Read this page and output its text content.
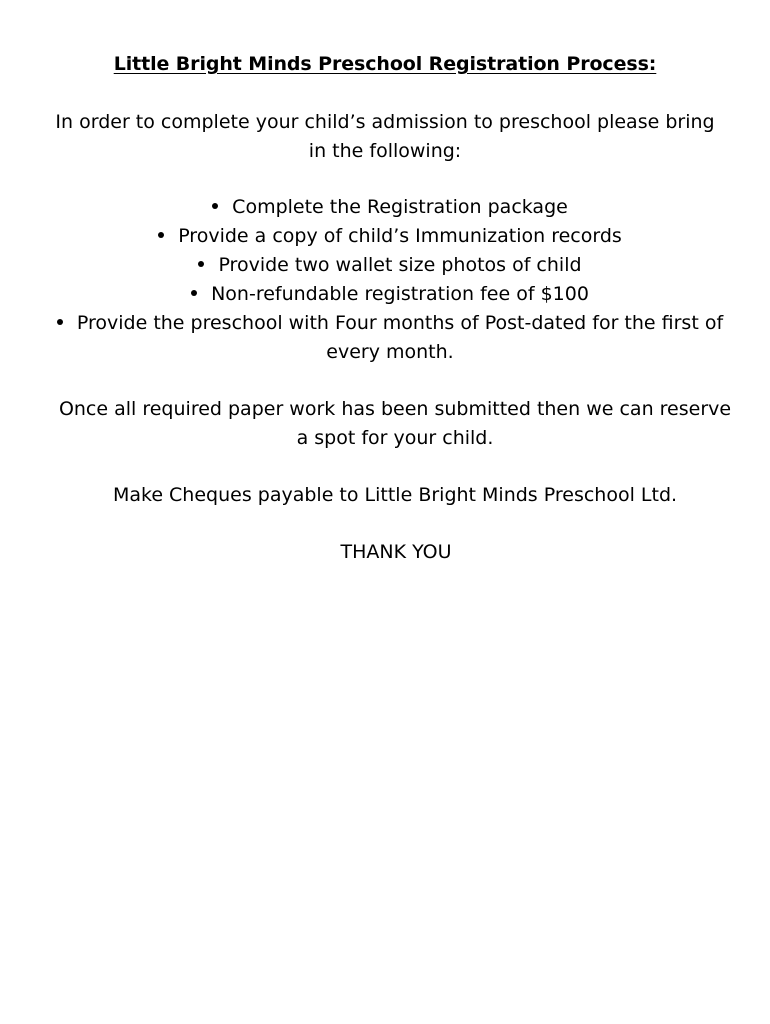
Little Bright Minds Preschool Registration Process:
In order to complete your child’s admission to preschool please bring in the following:
Complete the Registration package
Provide a copy of child’s Immunization records
Provide two wallet size photos of child
Non-refundable registration fee of $100
Provide the preschool with Four months of Post-dated for the first of every month.
Once all required paper work has been submitted then we can reserve a spot for your child.
Make Cheques payable to Little Bright Minds Preschool Ltd.
THANK YOU
